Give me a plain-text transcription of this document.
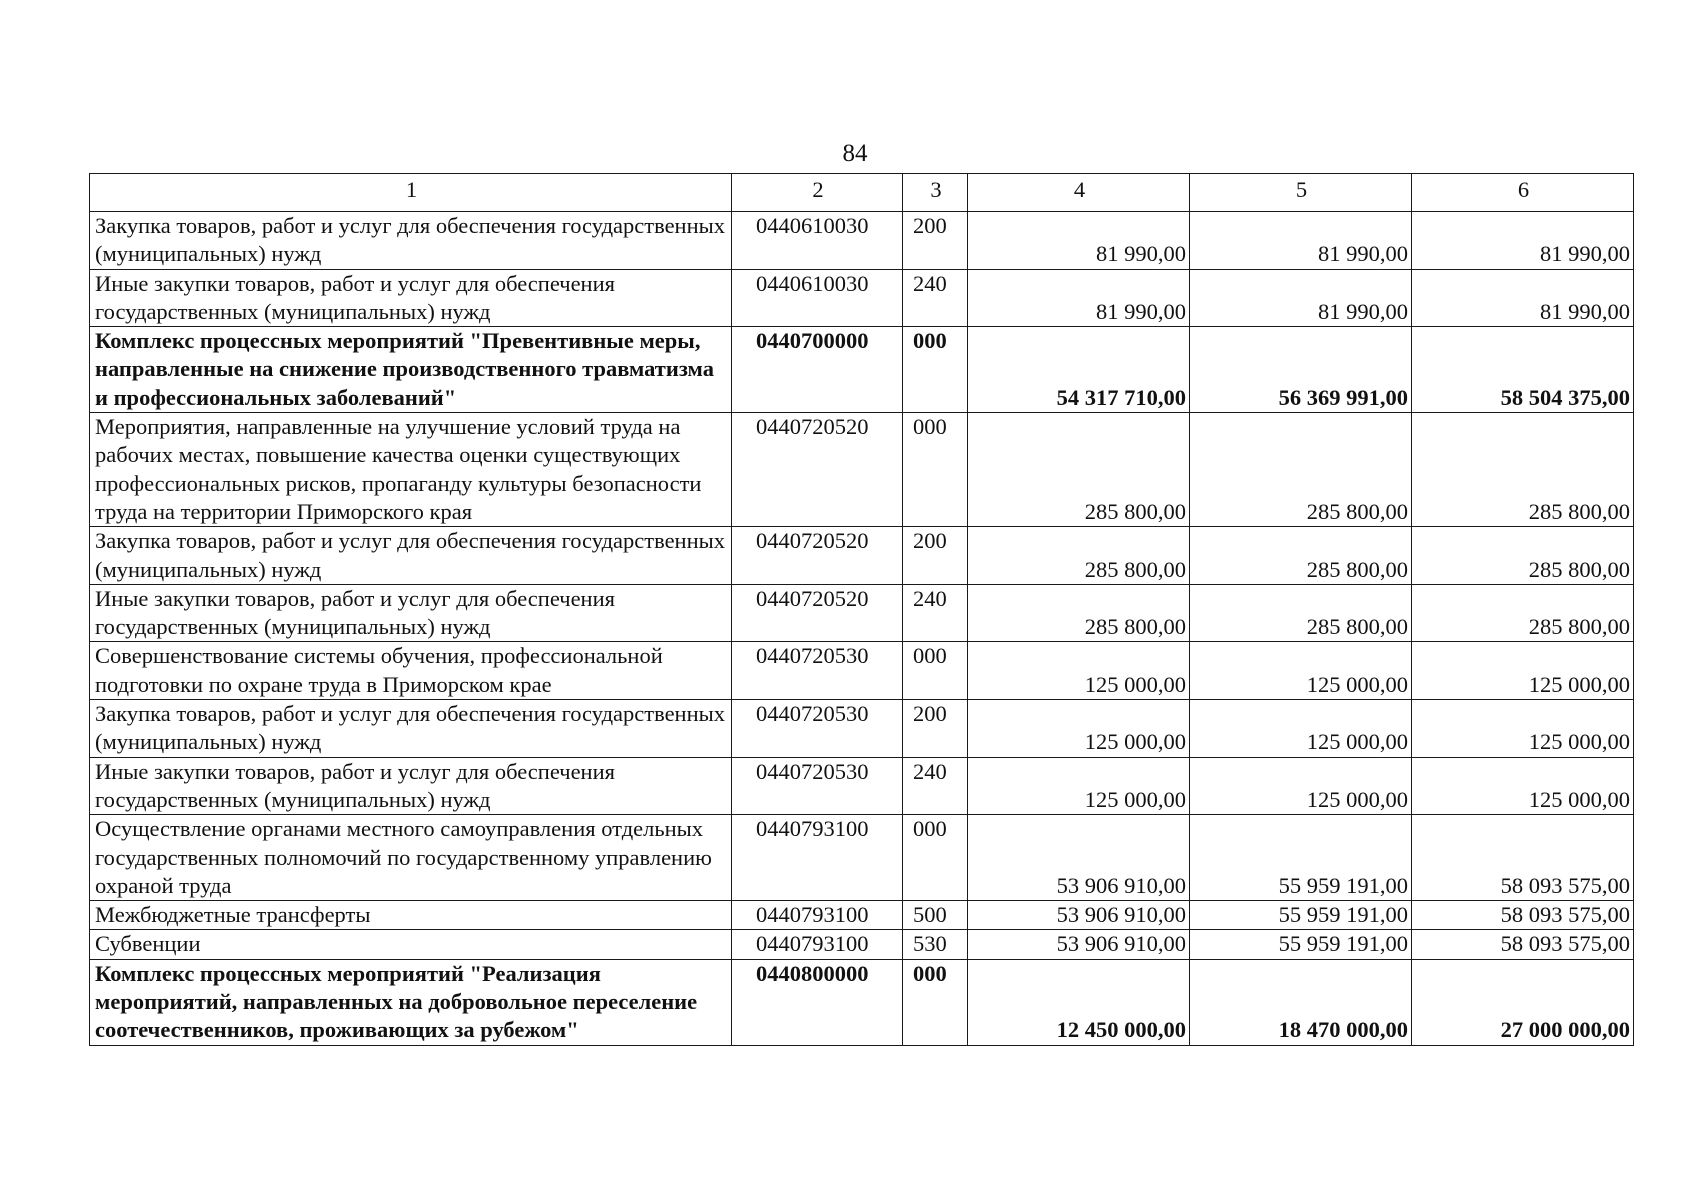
84
1	2	3	4	5	6
Закупка товаров, работ и услуг для обеспечения государственных (муниципальных) нужд	0440610030	200	81 990,00	81 990,00	81 990,00
Иные закупки товаров, работ и услуг для обеспечения государственных (муниципальных) нужд	0440610030	240	81 990,00	81 990,00	81 990,00
Комплекс процессных мероприятий "Превентивные меры, направленные на снижение производственного травматизма и профессиональных заболеваний"	0440700000	000	54 317 710,00	56 369 991,00	58 504 375,00
Мероприятия, направленные на улучшение условий труда на рабочих местах, повышение качества оценки существующих профессиональных рисков, пропаганду культуры безопасности труда на территории Приморского края	0440720520	000	285 800,00	285 800,00	285 800,00
Закупка товаров, работ и услуг для обеспечения государственных (муниципальных) нужд	0440720520	200	285 800,00	285 800,00	285 800,00
Иные закупки товаров, работ и услуг для обеспечения государственных (муниципальных) нужд	0440720520	240	285 800,00	285 800,00	285 800,00
Совершенствование системы обучения, профессиональной подготовки по охране труда в Приморском крае	0440720530	000	125 000,00	125 000,00	125 000,00
Закупка товаров, работ и услуг для обеспечения государственных (муниципальных) нужд	0440720530	200	125 000,00	125 000,00	125 000,00
Иные закупки товаров, работ и услуг для обеспечения государственных (муниципальных) нужд	0440720530	240	125 000,00	125 000,00	125 000,00
Осуществление органами местного самоуправления отдельных государственных полномочий по государственному управлению охраной труда	0440793100	000	53 906 910,00	55 959 191,00	58 093 575,00
Межбюджетные трансферты	0440793100	500	53 906 910,00	55 959 191,00	58 093 575,00
Субвенции	0440793100	530	53 906 910,00	55 959 191,00	58 093 575,00
Комплекс процессных мероприятий "Реализация мероприятий, направленных на добровольное переселение соотечественников, проживающих за рубежом"	0440800000	000	12 450 000,00	18 470 000,00	27 000 000,00
